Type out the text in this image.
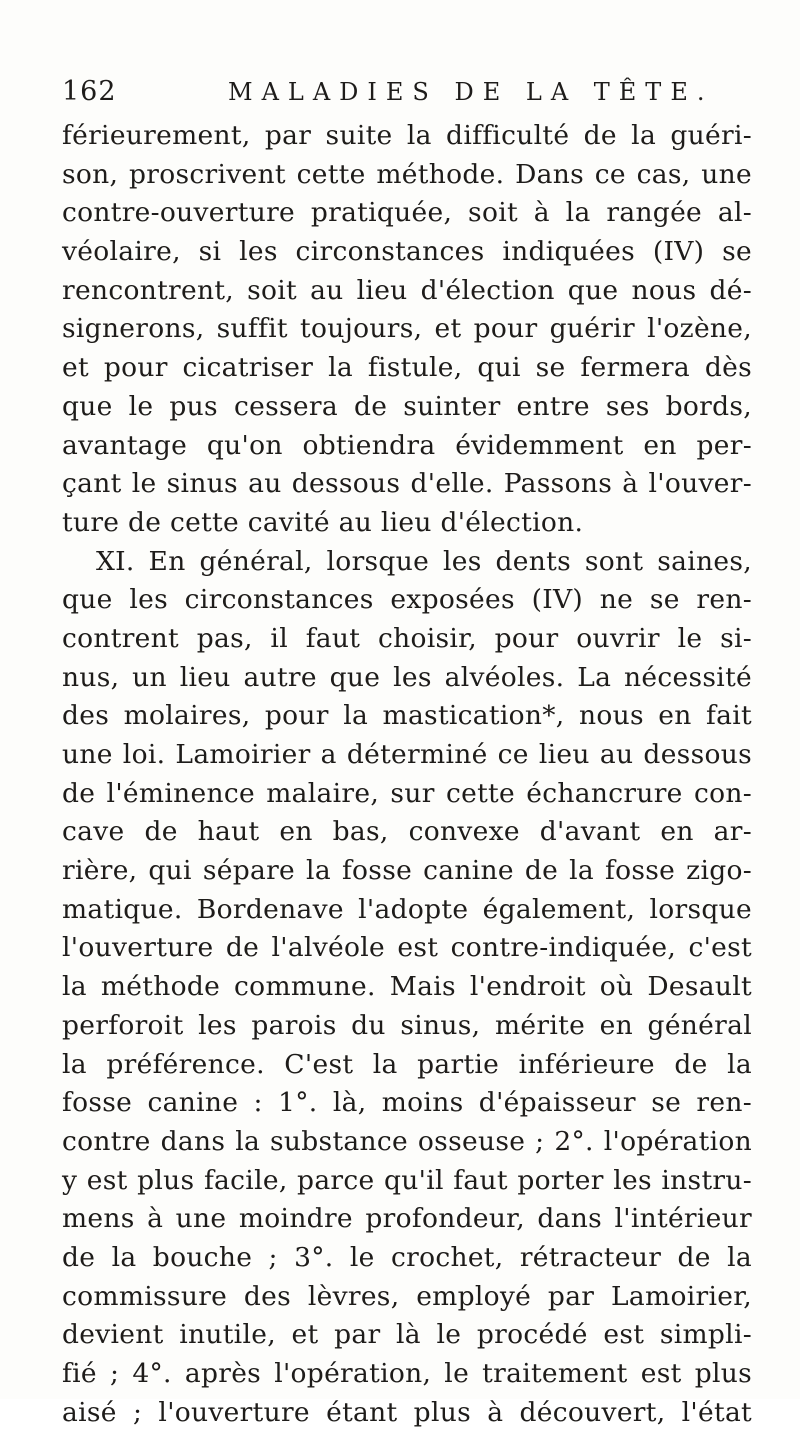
162	MALADIES DE LA TÊTE.
férieurement, par suite la difficulté de la guéri-
son, proscrivent cette méthode. Dans ce cas, une
contre-ouverture pratiquée, soit à la rangée al-
véolaire, si les circonstances indiquées (IV) se
rencontrent, soit au lieu d'élection que nous dé-
signerons, suffit toujours, et pour guérir l'ozène,
et pour cicatriser la fistule, qui se fermera dès
que le pus cessera de suinter entre ses bords,
avantage qu'on obtiendra évidemment en per-
çant le sinus au dessous d'elle. Passons à l'ouver-
ture de cette cavité au lieu d'élection.
XI. En général, lorsque les dents sont saines,
que les circonstances exposées (IV) ne se ren-
contrent pas, il faut choisir, pour ouvrir le si-
nus, un lieu autre que les alvéoles. La nécessité
des molaires, pour la mastication*, nous en fait
une loi. Lamoirier a déterminé ce lieu au dessous
de l'éminence malaire, sur cette échancrure con-
cave de haut en bas, convexe d'avant en ar-
rière, qui sépare la fosse canine de la fosse zigo-
matique. Bordenave l'adopte également, lorsque
l'ouverture de l'alvéole est contre-indiquée, c'est
la méthode commune. Mais l'endroit où Desault
perforoit les parois du sinus, mérite en général
la préférence. C'est la partie inférieure de la
fosse canine : 1°. là, moins d'épaisseur se ren-
contre dans la substance osseuse ; 2°. l'opération
y est plus facile, parce qu'il faut porter les instru-
mens à une moindre profondeur, dans l'intérieur
de la bouche ; 3°. le crochet, rétracteur de la
commissure des lèvres, employé par Lamoirier,
devient inutile, et par là le procédé est simpli-
fié ; 4°. après l'opération, le traitement est plus
aisé ; l'ouverture étant plus à découvert, l'état
